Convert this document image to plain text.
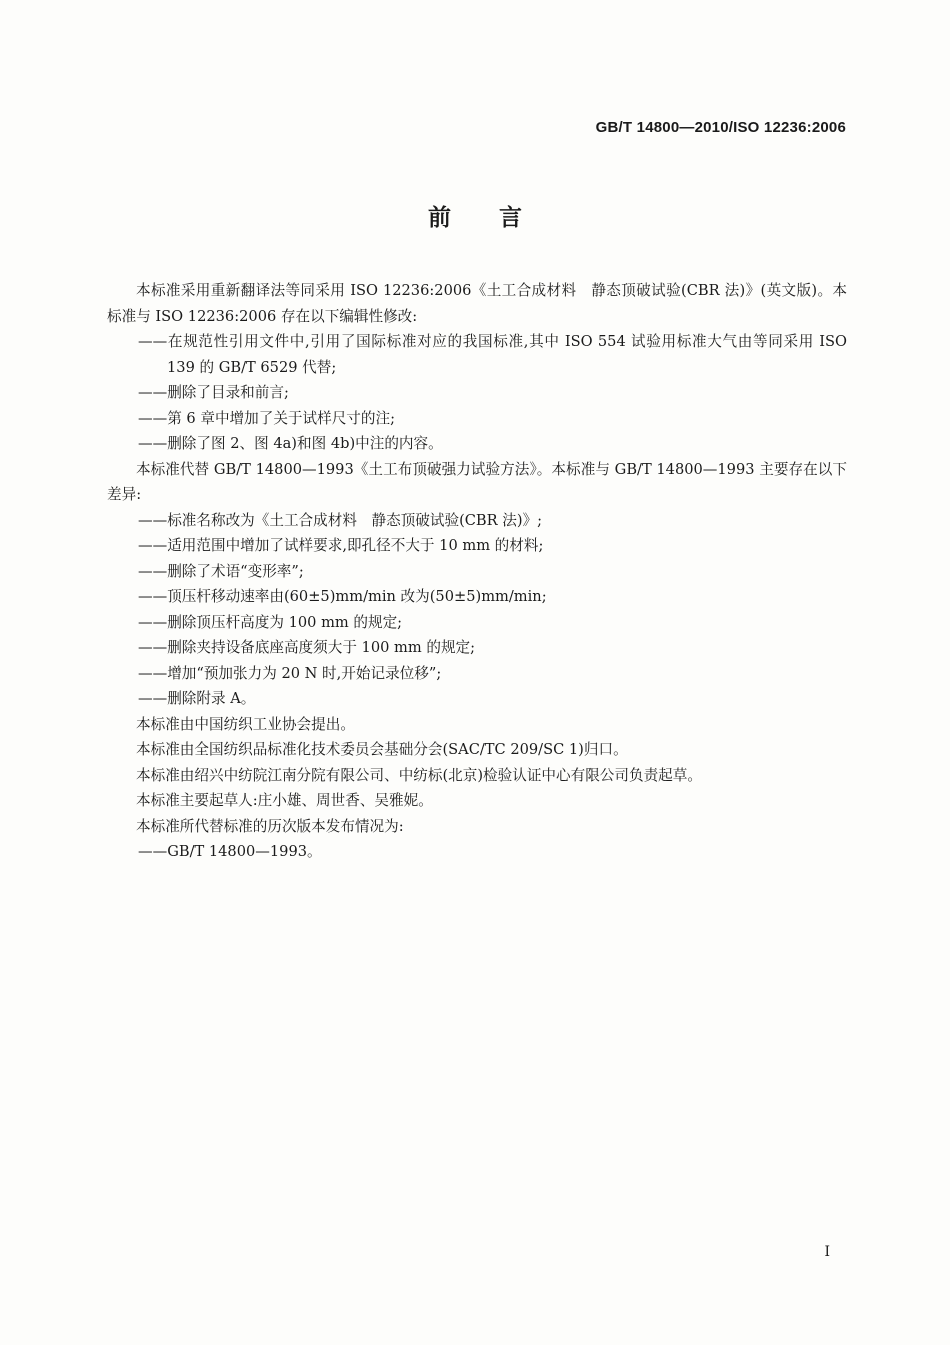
GB/T 14800—2010/ISO 12236:2006
前言

本标准采用重新翻译法等同采用 ISO 12236:2006《土工合成材料　静态顶破试验(CBR 法)》(英文版)。本标准与 ISO 12236:2006 存在以下编辑性修改:

——在规范性引用文件中,引用了国际标准对应的我国标准,其中 ISO 554 试验用标准大气由等同采用 ISO 139 的 GB/T 6529 代替;

——删除了目录和前言;

——第 6 章中增加了关于试样尺寸的注;

——删除了图 2、图 4a)和图 4b)中注的内容。

本标准代替 GB/T 14800—1993《土工布顶破强力试验方法》。本标准与 GB/T 14800—1993 主要存在以下差异:

——标准名称改为《土工合成材料　静态顶破试验(CBR 法)》;

——适用范围中增加了试样要求,即孔径不大于 10 mm 的材料;

——删除了术语“变形率”;

——顶压杆移动速率由(60±5)mm/min 改为(50±5)mm/min;

——删除顶压杆高度为 100 mm 的规定;

——删除夹持设备底座高度须大于 100 mm 的规定;

——增加“预加张力为 20 N 时,开始记录位移”;

——删除附录 A。

本标准由中国纺织工业协会提出。

本标准由全国纺织品标准化技术委员会基础分会(SAC/TC 209/SC 1)归口。

本标准由绍兴中纺院江南分院有限公司、中纺标(北京)检验认证中心有限公司负责起草。

本标准主要起草人:庄小雄、周世香、吴雅妮。

本标准所代替标准的历次版本发布情况为:

——GB/T 14800—1993。

I
